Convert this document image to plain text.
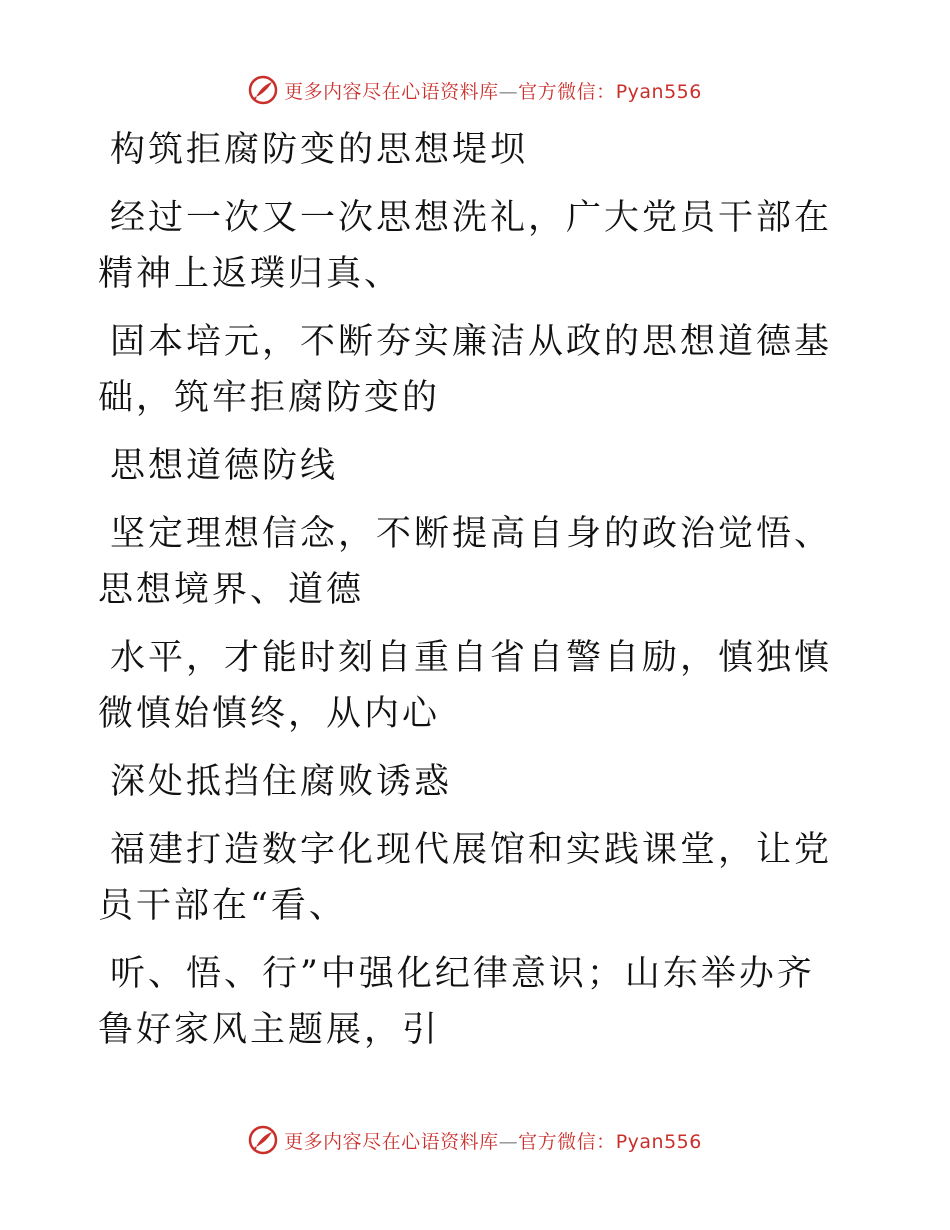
更多内容尽在心语资料库—官方微信：Pyan556

构筑拒腐防变的思想堤坝

经过一次又一次思想洗礼，广大党员干部在精神上返璞归真、

固本培元，不断夯实廉洁从政的思想道德基础，筑牢拒腐防变的

思想道德防线

坚定理想信念，不断提高自身的政治觉悟、思想境界、道德

水平，才能时刻自重自省自警自励，慎独慎微慎始慎终，从内心

深处抵挡住腐败诱惑

福建打造数字化现代展馆和实践课堂，让党员干部在“看、

听、悟、行”中强化纪律意识；山东举办齐鲁好家风主题展，引

更多内容尽在心语资料库—官方微信：Pyan556
